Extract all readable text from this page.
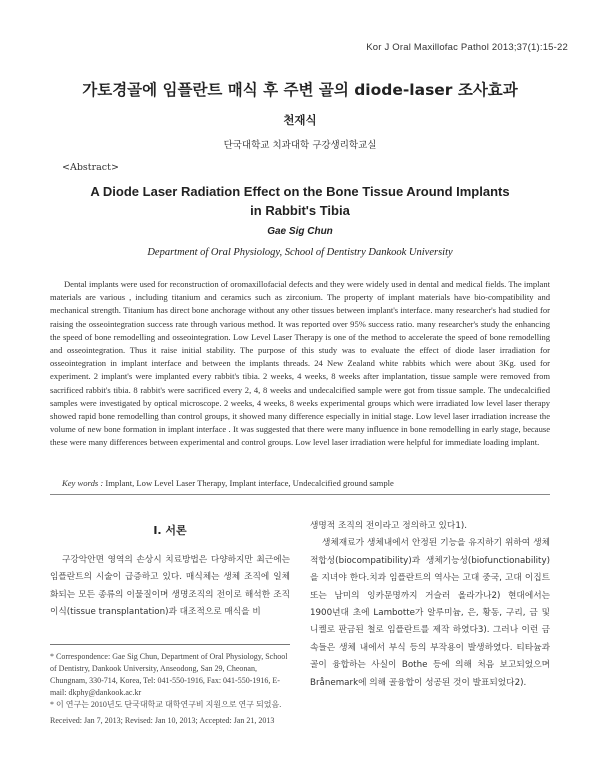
Kor J Oral Maxillofac Pathol 2013;37(1):15-22
가토경골에 임플란트 매식 후 주변 골의 diode-laser 조사효과
천재식
단국대학교 치과대학 구강생리학교실
<Abstract>
A Diode Laser Radiation Effect on the Bone Tissue Around Implants
in Rabbit's Tibia
Gae Sig Chun
Department of Oral Physiology, School of Dentistry Dankook University

Dental implants were used for reconstruction of oromaxillofacial defects and they were widely used in dental and medical fields. The implant materials are various , including titanium and ceramics such as zirconium. The property of implant materials have bio-compatibility and mechanical strength. Titanium has direct bone anchorage without any other tissues between implant's interface. many researcher's had studied for raising the osseointegration success rate through various method. It was reported over 95% success ratio. many researcher's study the enhancing the speed of bone remodelling and osseointegration. Low Level Laser Therapy is one of the method to accelerate the speed of bone remodelling and osseointegration. Thus it raise initial stability. The purpose of this study was to evaluate the effect of diode laser irradiation for osseointegration in implant interface and between the implants threads. 24 New Zealand white rabbits which were about 3Kg. used for experiment. 2 implant's were implanted every rabbit's tibia. 2 weeks, 4 weeks, 8 weeks after implantation, tissue sample were removed from sacrificed rabbit's tibia. 8 rabbit's were sacrificed every 2, 4, 8 weeks and undecalcified sample were got from tissue sample. The undecalcified samples were investigated by optical microscope. 2 weeks, 4 weeks, 8 weeks experimental groups which were irradiated low level laser therapy showed rapid bone remodelling than control groups, it showed many difference especially in initial stage. Low level laser irradiation increase the volume of new bone formation in implant interface . It was suggested that there were many influence in bone remodelling in early stage, because these were many differences between experimental and control groups. Low level laser irradiation were helpful for immediate loading implant.

Key words : Implant, Low Level Laser Therapy, Implant interface, Undecalcified ground sample
Ⅰ. 서론

구강악안면 영역의 손상시 치료방법은 다양하지만 최근에는 임플란트의 시술이 급증하고 있다. 매식체는 생체 조직에 일체화되는 모든 종류의 이물질이며 생명조직의 전이로 해석한 조직이식(tissue transplantation)과 대조적으로 매식을 비

생명적 조직의 전이라고 정의하고 있다1).

생체재료가 생체내에서 안정된 기능을 유지하기 위하여 생체적합성(biocompatibility)과 생체기능성(biofunctionability)을 지녀야 한다.치과 임플란트의 역사는 고대 중국, 고대 이집트 또는 남미의 잉카문명까지 거슬러 올라가나2) 현대에서는 1900년대 초에 Lambotte가 알루미늄, 은, 황동, 구리, 금 및 니켈로 판금된 철로 임플란트를 제작 하였다3). 그러나 이런 금속들은 생체 내에서 부식 등의 부작용이 발생하였다. 티타늄과 골이 융합하는 사실이 Bothe 등에 의해 처음 보고되었으며 Brånemark에 의해 골융합이 성공된 것이 발표되었다2).

* Correspondence: Gae Sig Chun, Department of Oral Physiology, School of Dentistry, Dankook University, Anseodong, San 29, Cheonan, Chungnam, 330-714, Korea, Tel: 041-550-1916, Fax: 041-550-1916, E-mail: dkphy@dankook.ac.kr

* 이 연구는 2010년도 단국대학교 대학연구비 지원으로 연구 되었음.

Received: Jan 7, 2013; Revised: Jan 10, 2013; Accepted: Jan 21, 2013
